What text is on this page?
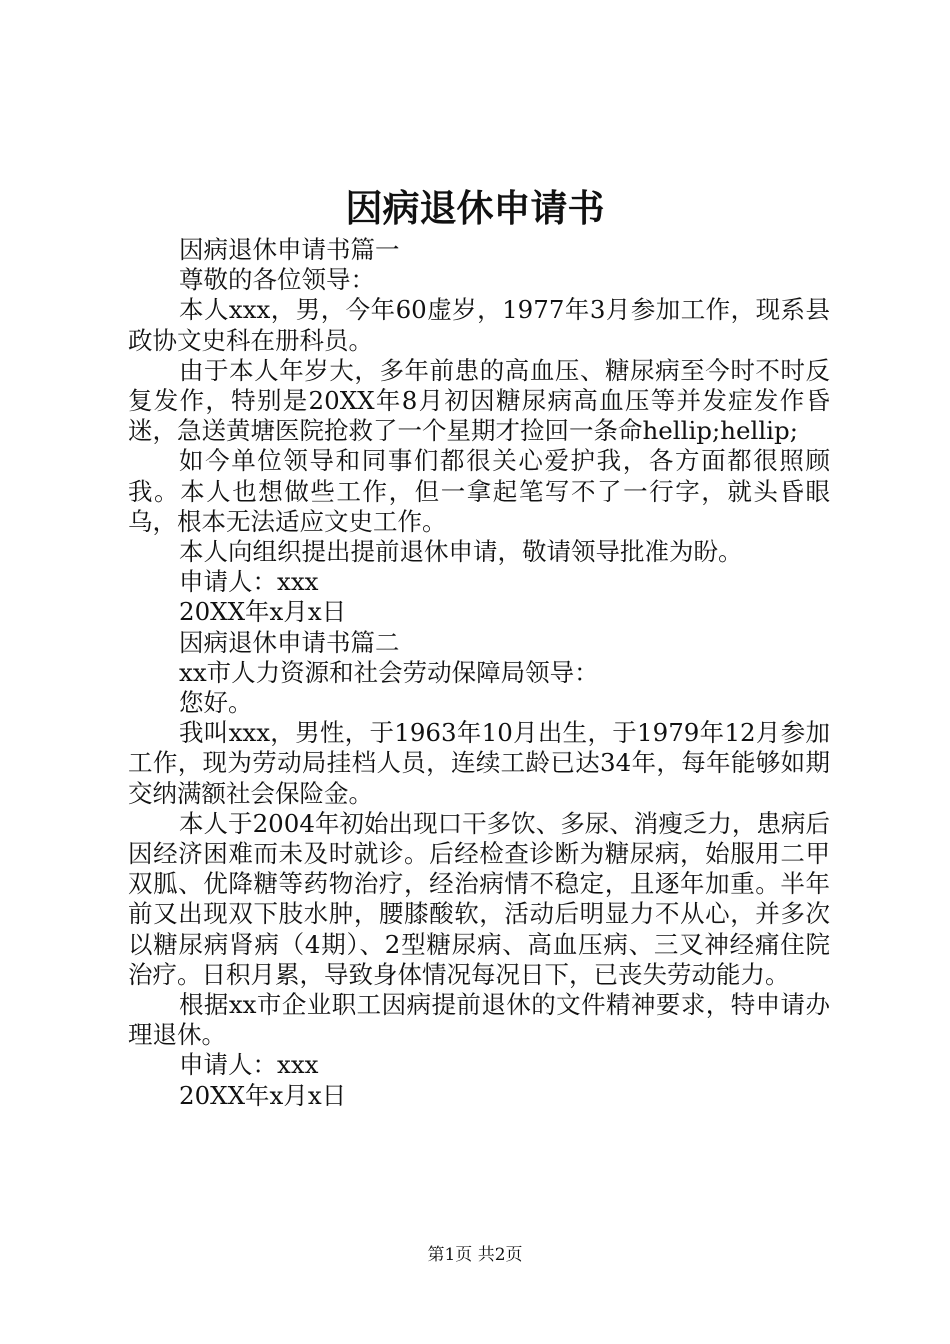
因病退休申请书

因病退休申请书篇一

尊敬的各位领导：

本人xxx，男，今年60虚岁，1977年3月参加工作，现系县政协文史科在册科员。

由于本人年岁大，多年前患的高血压、糖尿病至今时不时反复发作，特别是20XX年8月初因糖尿病高血压等并发症发作昏迷，急送黄塘医院抢救了一个星期才捡回一条命hellip;hellip;

如今单位领导和同事们都很关心爱护我，各方面都很照顾我。本人也想做些工作，但一拿起笔写不了一行字，就头昏眼乌，根本无法适应文史工作。

本人向组织提出提前退休申请，敬请领导批准为盼。

申请人：xxx

20XX年x月x日

因病退休申请书篇二

xx市人力资源和社会劳动保障局领导：

您好。

我叫xxx，男性，于1963年10月出生，于1979年12月参加工作，现为劳动局挂档人员，连续工龄已达34年，每年能够如期交纳满额社会保险金。

本人于2004年初始出现口干多饮、多尿、消瘦乏力，患病后因经济困难而未及时就诊。后经检查诊断为糖尿病，始服用二甲双胍、优降糖等药物治疗，经治病情不稳定，且逐年加重。半年前又出现双下肢水肿，腰膝酸软，活动后明显力不从心，并多次以糖尿病肾病（4期）、2型糖尿病、高血压病、三叉神经痛住院治疗。日积月累，导致身体情况每况日下，已丧失劳动能力。

根据xx市企业职工因病提前退休的文件精神要求，特申请办理退休。

申请人：xxx

20XX年x月x日

第1页 共2页
